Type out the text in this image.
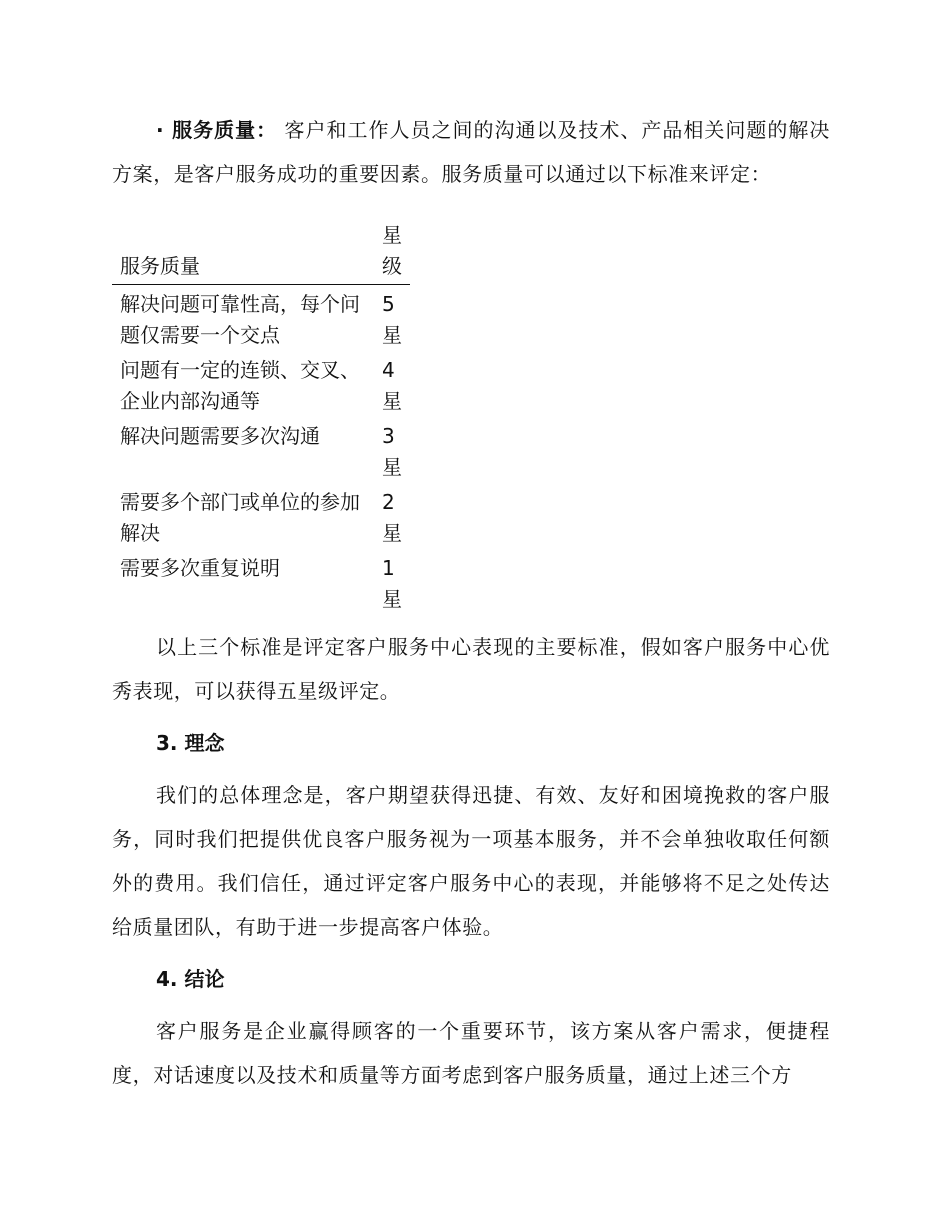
· 服务质量： 客户和工作人员之间的沟通以及技术、产品相关问题的解决方案，是客户服务成功的重要因素。服务质量可以通过以下标准来评定：

服务质量	星级
解决问题可靠性高，每个问题仅需要一个交点	5星
问题有一定的连锁、交叉、企业内部沟通等	4星
解决问题需要多次沟通	3星
需要多个部门或单位的参加解决	2星
需要多次重复说明	1星

以上三个标准是评定客户服务中心表现的主要标准，假如客户服务中心优秀表现，可以获得五星级评定。

3. 理念

我们的总体理念是，客户期望获得迅捷、有效、友好和困境挽救的客户服务，同时我们把提供优良客户服务视为一项基本服务，并不会单独收取任何额外的费用。我们信任，通过评定客户服务中心的表现，并能够将不足之处传达给质量团队，有助于进一步提高客户体验。

4. 结论

客户服务是企业赢得顾客的一个重要环节，该方案从客户需求，便捷程度，对话速度以及技术和质量等方面考虑到客户服务质量，通过上述三个方
